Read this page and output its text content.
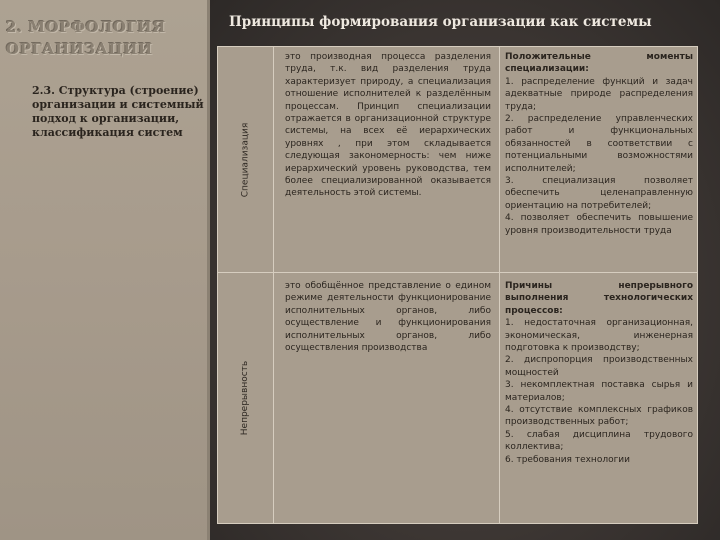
2. МОРФОЛОГИЯ ОРГАНИЗАЦИИ
2.3. Структура (строение) организации и системный подход к организации, классификация систем
Принципы формирования организации как системы
Специализация

это производная процесса разделения труда, т.к. вид разделения труда характеризует природу, а специализация отношение исполнителей к разделённым процессам. Принцип специализации отражается в организационной структуре системы, на всех её иерархических уровнях , при этом складывается следующая закономерность: чем ниже иерархический уровень руководства, тем более специализированной оказывается деятельность этой системы.

Положительные моменты специализации:

1. распределение функций и задач адекватные природе распределения труда;

2. распределение управленческих работ и функциональных обязанностей в соответствии с потенциальными возможностями исполнителей;

3. специализация позволяет обеспечить целенаправленную ориентацию на потребителей;

4. позволяет обеспечить повышение уровня производительности труда

Непрерывность

это обобщённое представление о едином режиме деятельности функционирование исполнительных органов, либо осуществление и функционирования исполнительных органов, либо осуществления производства

Причины непрерывного выполнения технологических процессов:

1. недостаточная организационная, экономическая, инженерная подготовка к производству;

2. диспропорция производственных мощностей

3. некомплектная поставка сырья и материалов;

4. отсутствие комплексных графиков производственных работ;

5. слабая дисциплина трудового коллектива;

6. требования технологии
